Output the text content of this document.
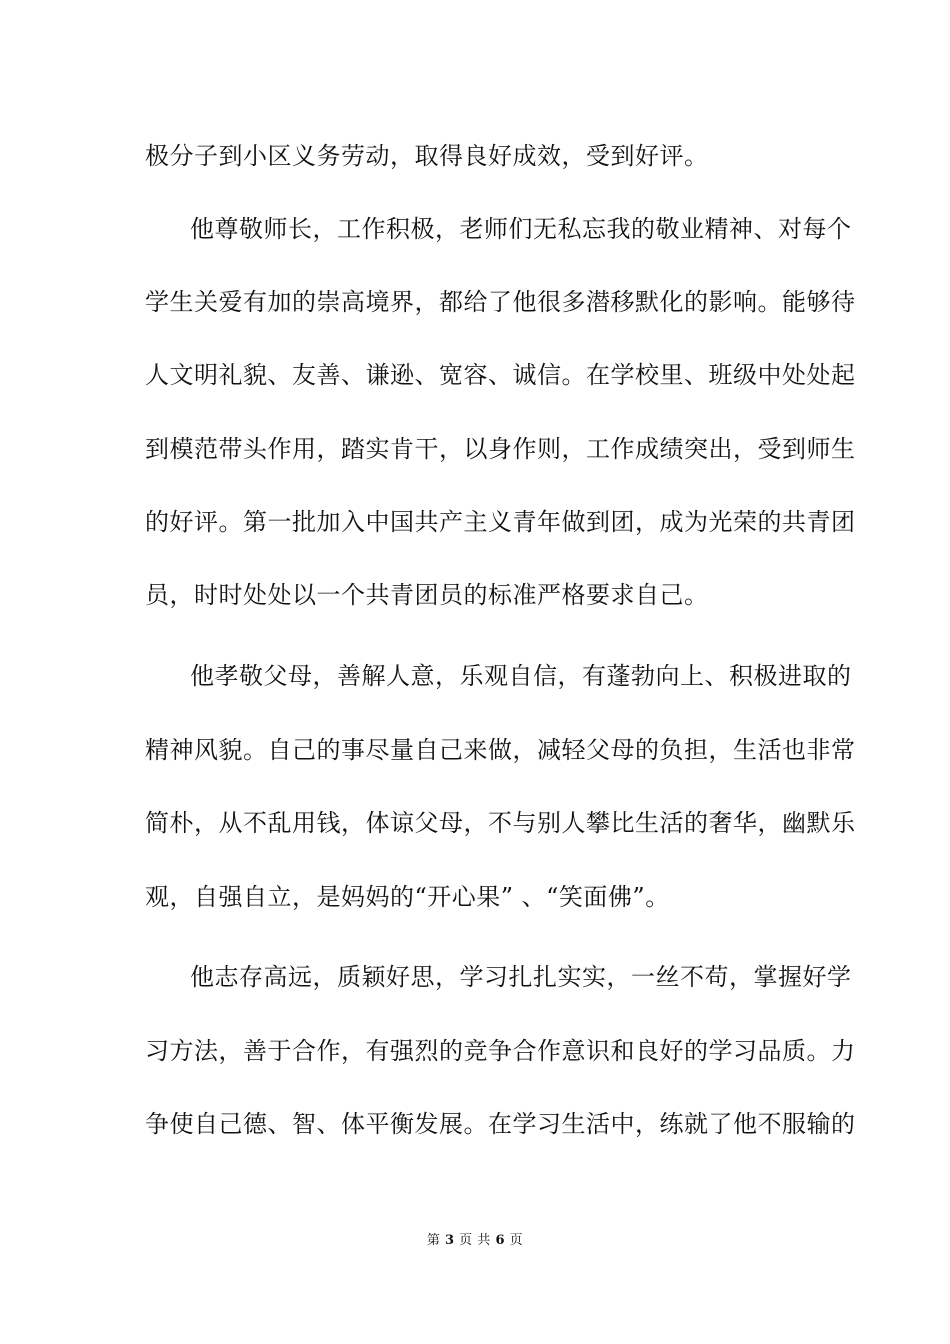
极分子到小区义务劳动，取得良好成效，受到好评。
他尊敬师长，工作积极，老师们无私忘我的敬业精神、对每个
学生关爱有加的崇高境界，都给了他很多潜移默化的影响。能够待
人文明礼貌、友善、谦逊、宽容、诚信。在学校里、班级中处处起
到模范带头作用，踏实肯干，以身作则，工作成绩突出，受到师生
的好评。第一批加入中国共产主义青年做到团，成为光荣的共青团
员，时时处处以一个共青团员的标准严格要求自己。
他孝敬父母，善解人意，乐观自信，有蓬勃向上、积极进取的
精神风貌。自己的事尽量自己来做，减轻父母的负担，生活也非常
简朴，从不乱用钱，体谅父母，不与别人攀比生活的奢华，幽默乐
观，自强自立，是妈妈的“开心果” 、“笑面佛”。
他志存高远，质颖好思，学习扎扎实实，一丝不苟，掌握好学
习方法，善于合作，有强烈的竞争合作意识和良好的学习品质。力
争使自己德、智、体平衡发展。在学习生活中，练就了他不服输的
第 3 页 共 6 页
